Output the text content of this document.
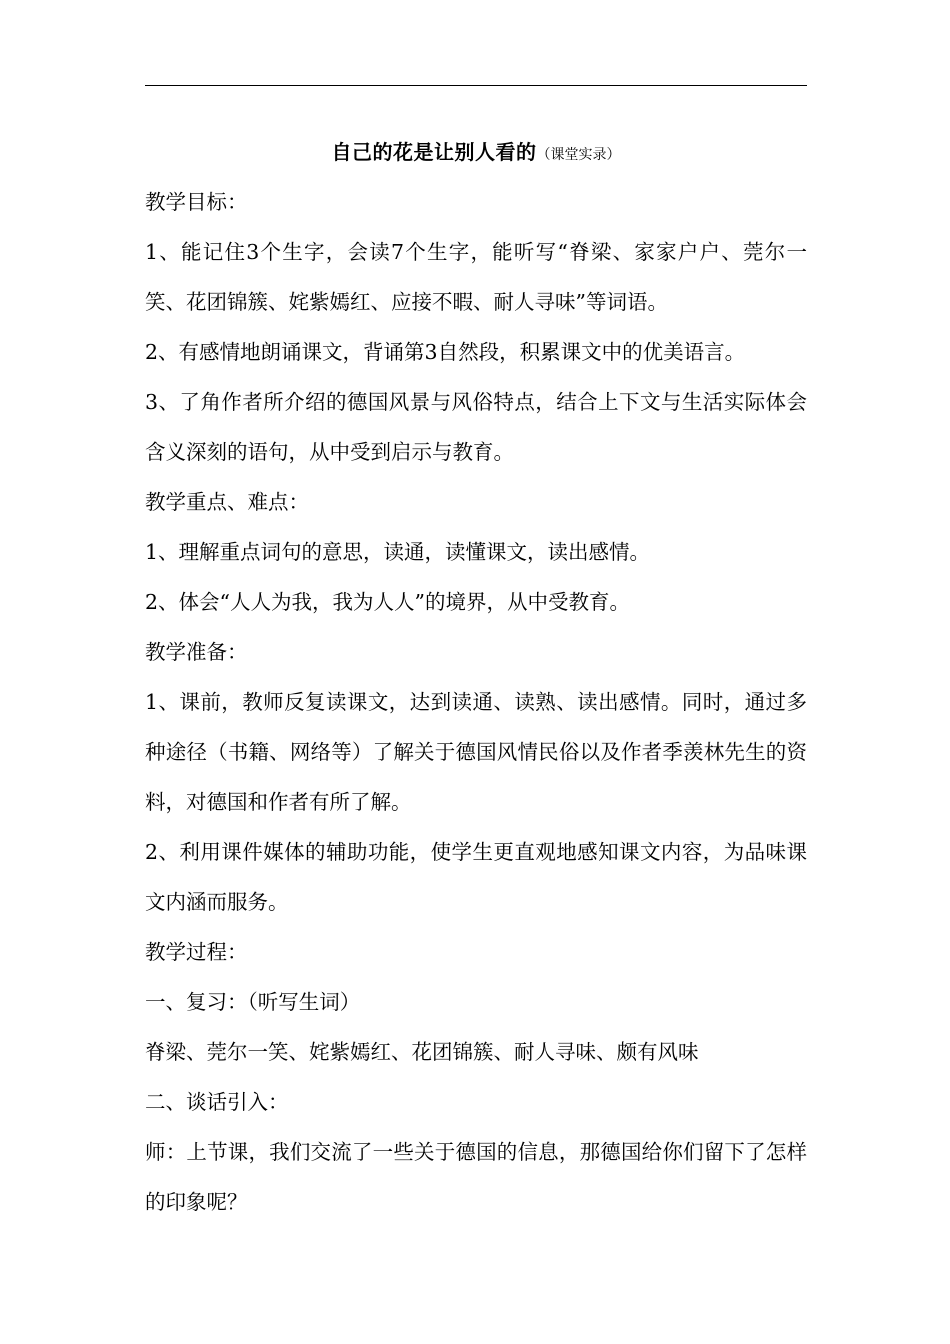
自己的花是让别人看的（课堂实录）

教学目标：

1、能记住3个生字，会读7个生字，能听写“脊梁、家家户户、莞尔一笑、花团锦簇、姹紫嫣红、应接不暇、耐人寻味”等词语。

2、有感情地朗诵课文，背诵第3自然段，积累课文中的优美语言。

3、了角作者所介绍的德国风景与风俗特点，结合上下文与生活实际体会含义深刻的语句，从中受到启示与教育。

教学重点、难点：

1、理解重点词句的意思，读通，读懂课文，读出感情。

2、体会“人人为我，我为人人”的境界，从中受教育。

教学准备：

1、课前，教师反复读课文，达到读通、读熟、读出感情。同时，通过多种途径（书籍、网络等）了解关于德国风情民俗以及作者季羡林先生的资料，对德国和作者有所了解。

2、利用课件媒体的辅助功能，使学生更直观地感知课文内容，为品味课文内涵而服务。

教学过程：

一、复习：（听写生词）

脊梁、莞尔一笑、姹紫嫣红、花团锦簇、耐人寻味、颇有风味

二、谈话引入：

师：上节课，我们交流了一些关于德国的信息，那德国给你们留下了怎样的印象呢？
